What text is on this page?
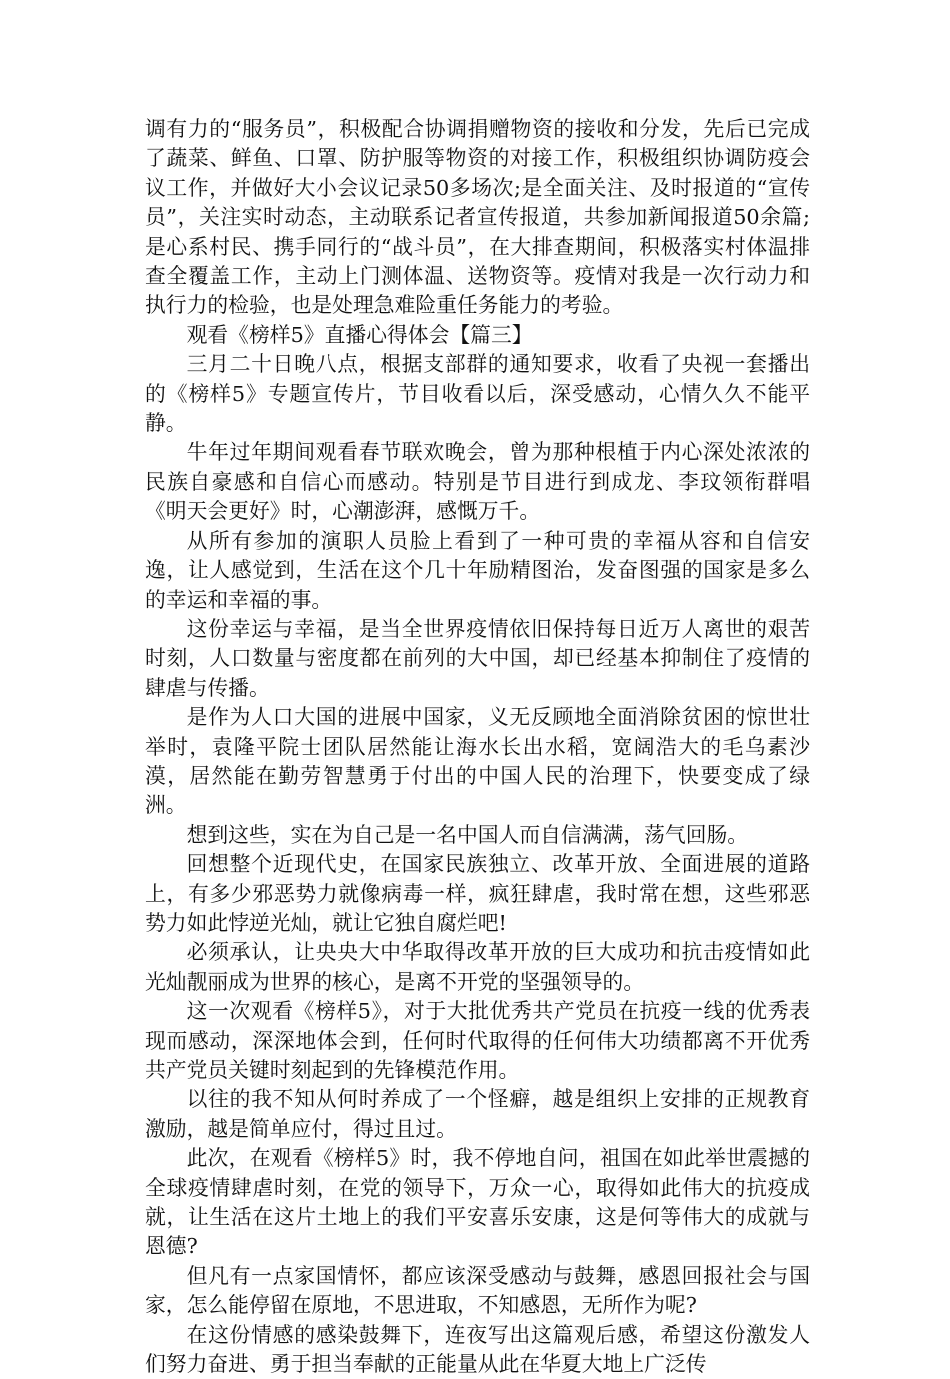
调有力的“服务员”，积极配合协调捐赠物资的接收和分发，先后已完成了蔬菜、鲜鱼、口罩、防护服等物资的对接工作，积极组织协调防疫会议工作，并做好大小会议记录50多场次;是全面关注、及时报道的“宣传员”，关注实时动态，主动联系记者宣传报道，共参加新闻报道50余篇;是心系村民、携手同行的“战斗员”，在大排查期间，积极落实村体温排查全覆盖工作，主动上门测体温、送物资等。疫情对我是一次行动力和执行力的检验，也是处理急难险重任务能力的考验。

观看《榜样5》直播心得体会【篇三】

三月二十日晚八点，根据支部群的通知要求，收看了央视一套播出的《榜样5》专题宣传片，节目收看以后，深受感动，心情久久不能平静。

牛年过年期间观看春节联欢晚会，曾为那种根植于内心深处浓浓的民族自豪感和自信心而感动。特别是节目进行到成龙、李玟领衔群唱《明天会更好》时，心潮澎湃，感慨万千。

从所有参加的演职人员脸上看到了一种可贵的幸福从容和自信安逸，让人感觉到，生活在这个几十年励精图治，发奋图强的国家是多么的幸运和幸福的事。

这份幸运与幸福，是当全世界疫情依旧保持每日近万人离世的艰苦时刻，人口数量与密度都在前列的大中国，却已经基本抑制住了疫情的肆虐与传播。

是作为人口大国的进展中国家，义无反顾地全面消除贫困的惊世壮举时，袁隆平院士团队居然能让海水长出水稻，宽阔浩大的毛乌素沙漠，居然能在勤劳智慧勇于付出的中国人民的治理下，快要变成了绿洲。

想到这些，实在为自己是一名中国人而自信满满，荡气回肠。

回想整个近现代史，在国家民族独立、改革开放、全面进展的道路上，有多少邪恶势力就像病毒一样，疯狂肆虐，我时常在想，这些邪恶势力如此悖逆光灿，就让它独自腐烂吧!

必须承认，让央央大中华取得改革开放的巨大成功和抗击疫情如此光灿靓丽成为世界的核心，是离不开党的坚强领导的。

这一次观看《榜样5》，对于大批优秀共产党员在抗疫一线的优秀表现而感动，深深地体会到，任何时代取得的任何伟大功绩都离不开优秀共产党员关键时刻起到的先锋模范作用。

以往的我不知从何时养成了一个怪癖，越是组织上安排的正规教育激励，越是简单应付，得过且过。

此次，在观看《榜样5》时，我不停地自问，祖国在如此举世震撼的全球疫情肆虐时刻，在党的领导下，万众一心，取得如此伟大的抗疫成就，让生活在这片土地上的我们平安喜乐安康，这是何等伟大的成就与恩德?

但凡有一点家国情怀，都应该深受感动与鼓舞，感恩回报社会与国家，怎么能停留在原地，不思进取，不知感恩，无所作为呢?

在这份情感的感染鼓舞下，连夜写出这篇观后感，希望这份激发人们努力奋进、勇于担当奉献的正能量从此在华夏大地上广泛传
